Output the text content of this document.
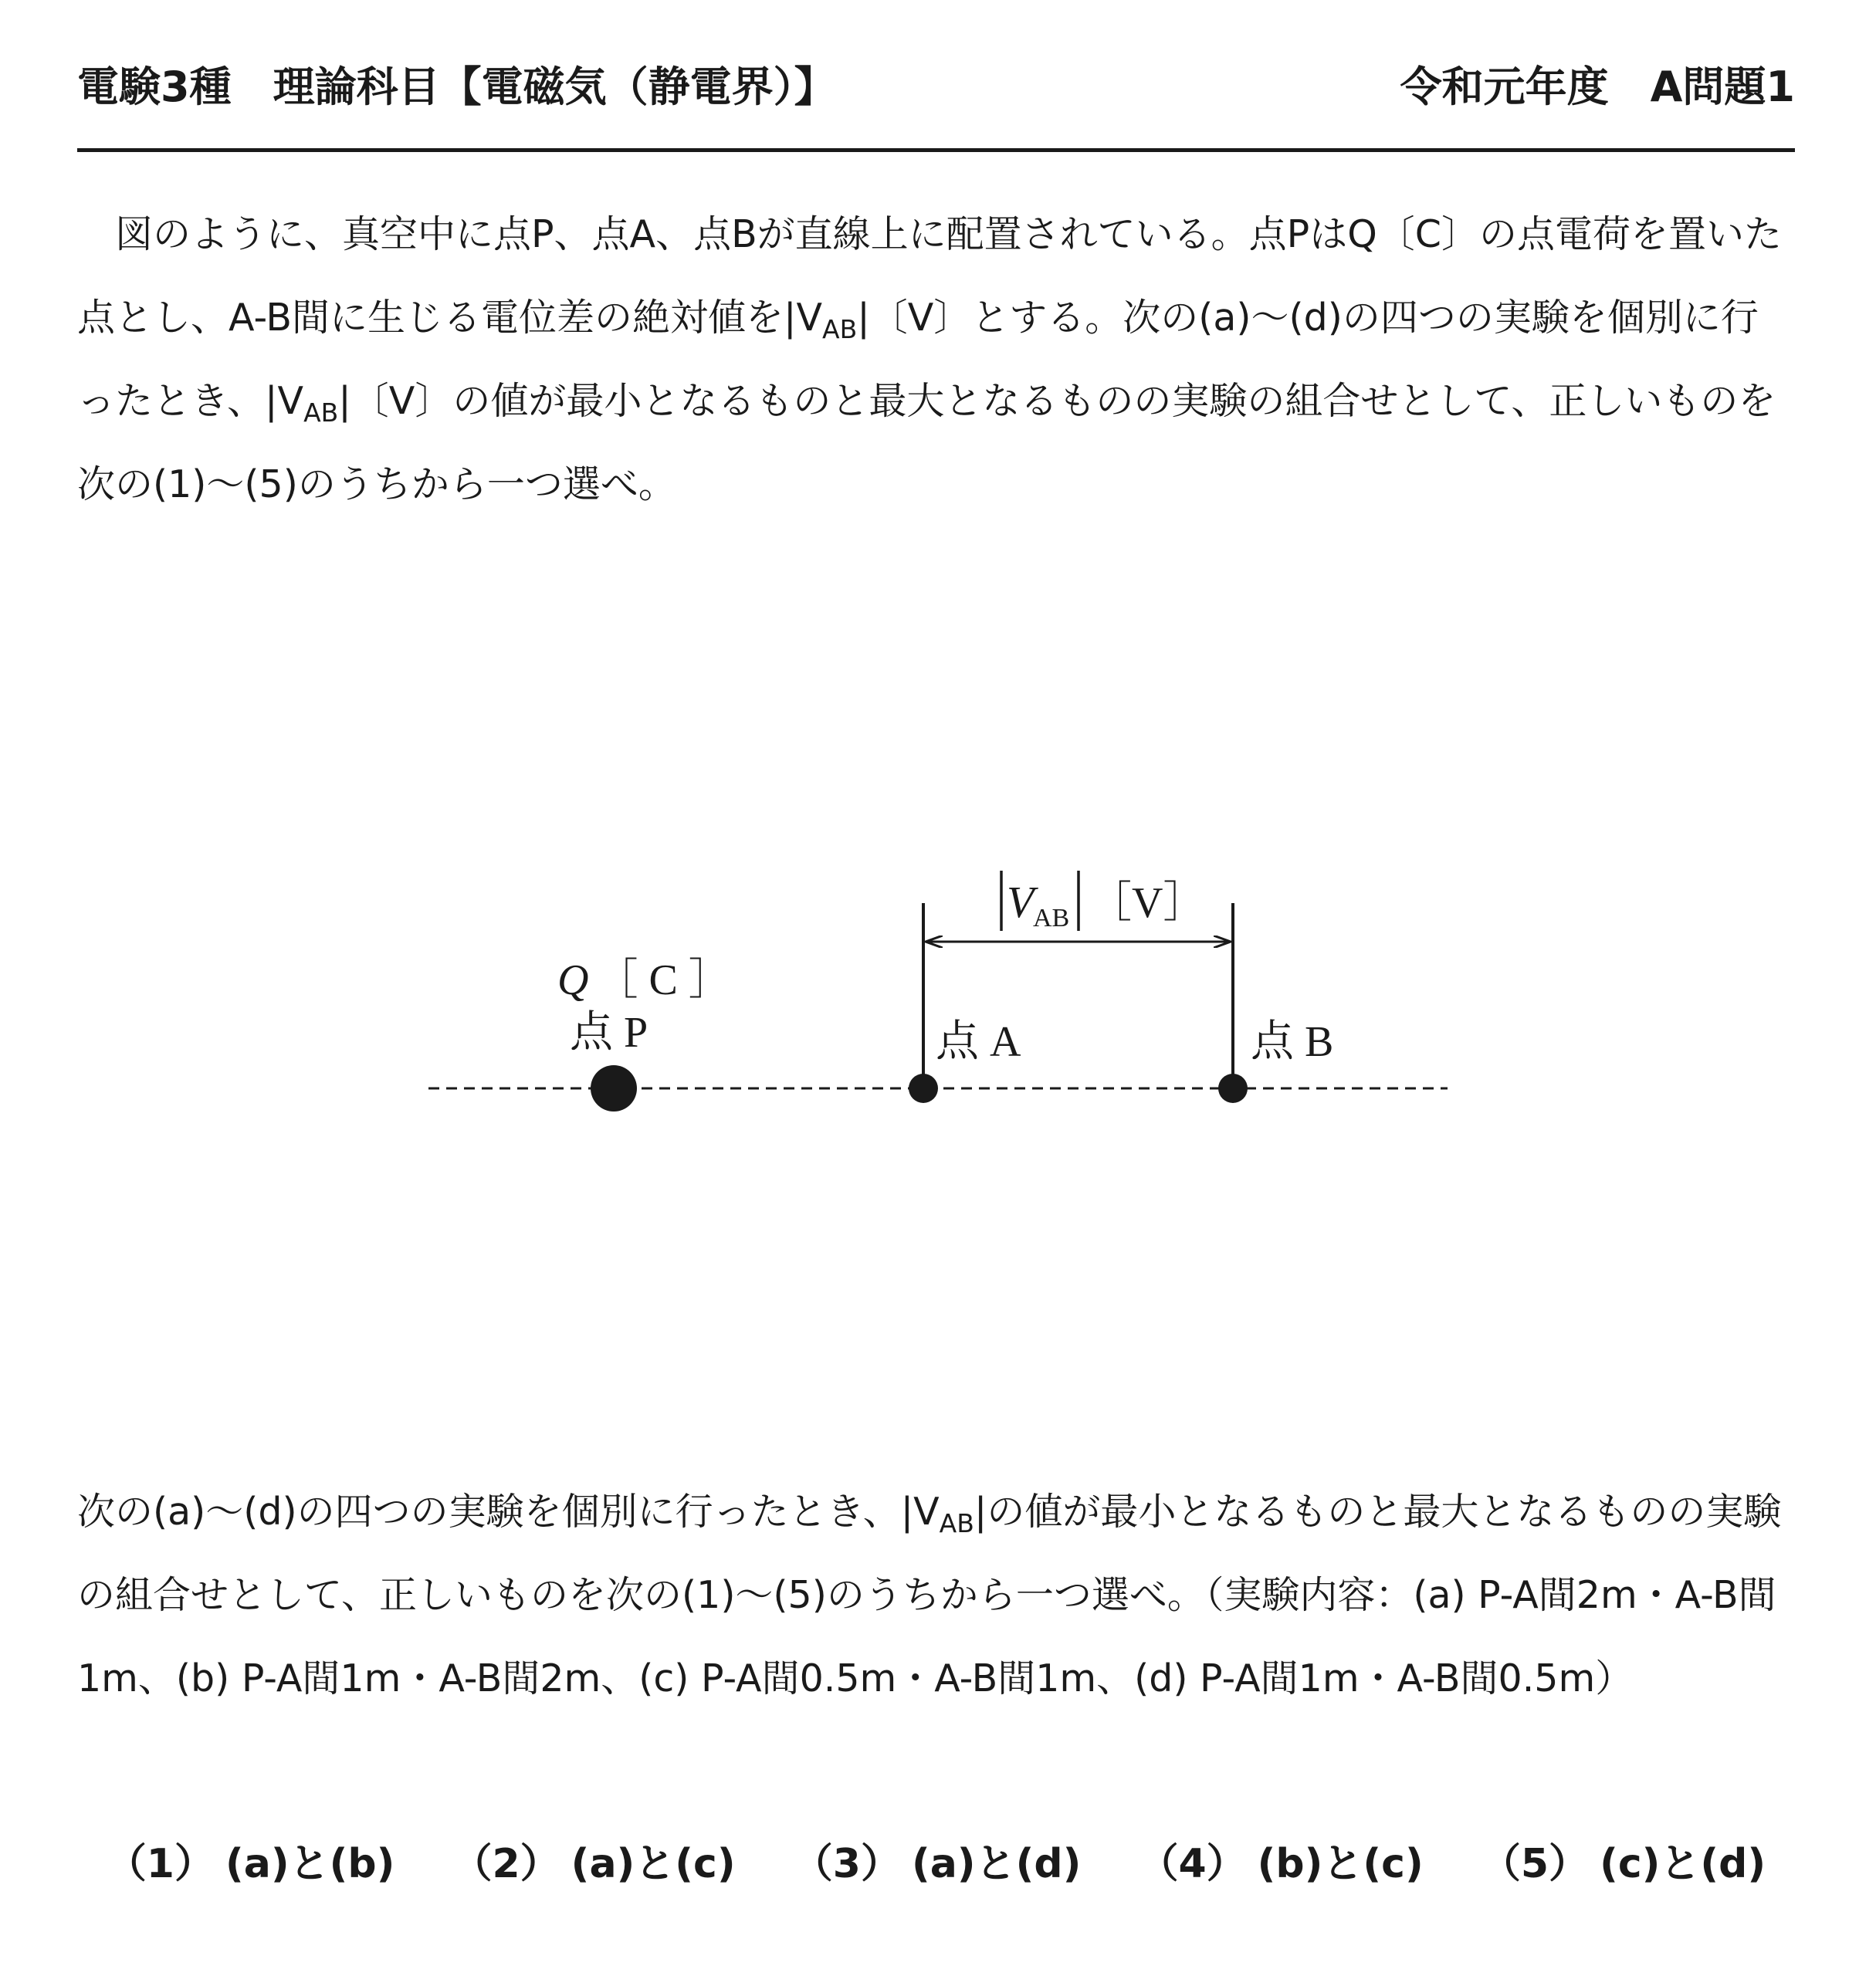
電験3種　理論科目【電磁気（静電界）】	令和元年度　A問題1

図のように、真空中に点P、点A、点Bが直線上に配置されている。点PはQ〔C〕の点電荷を置いた点とし、A-B間に生じる電位差の絶対値を$|V_{AB}|$〔V〕とする。次の(a)〜(d)の四つの実験を個別に行ったとき、$|V_{AB}|$〔V〕の値が最小となるものと最大となるものの実験の組合せとして、正しいものを次の(1)〜(5)のうちから一つ選べ。

VAB ［V］
Q ［ C ］
点 P	点 A	点 B

次の(a)〜(d)の四つの実験を個別に行ったとき、$|V_{AB}|$の値が最小となるものと最大となるものの実験の組合せとして、正しいものを次の(1)〜(5)のうちから一つ選べ。（実験内容：(a) P-A間2m・A-B間1m、(b) P-A間1m・A-B間2m、(c) P-A間0.5m・A-B間1m、(d) P-A間1m・A-B間0.5m）

（1） (a)と(b) （2） (a)と(c) （3） (a)と(d) （4） (b)と(c) （5） (c)と(d)
